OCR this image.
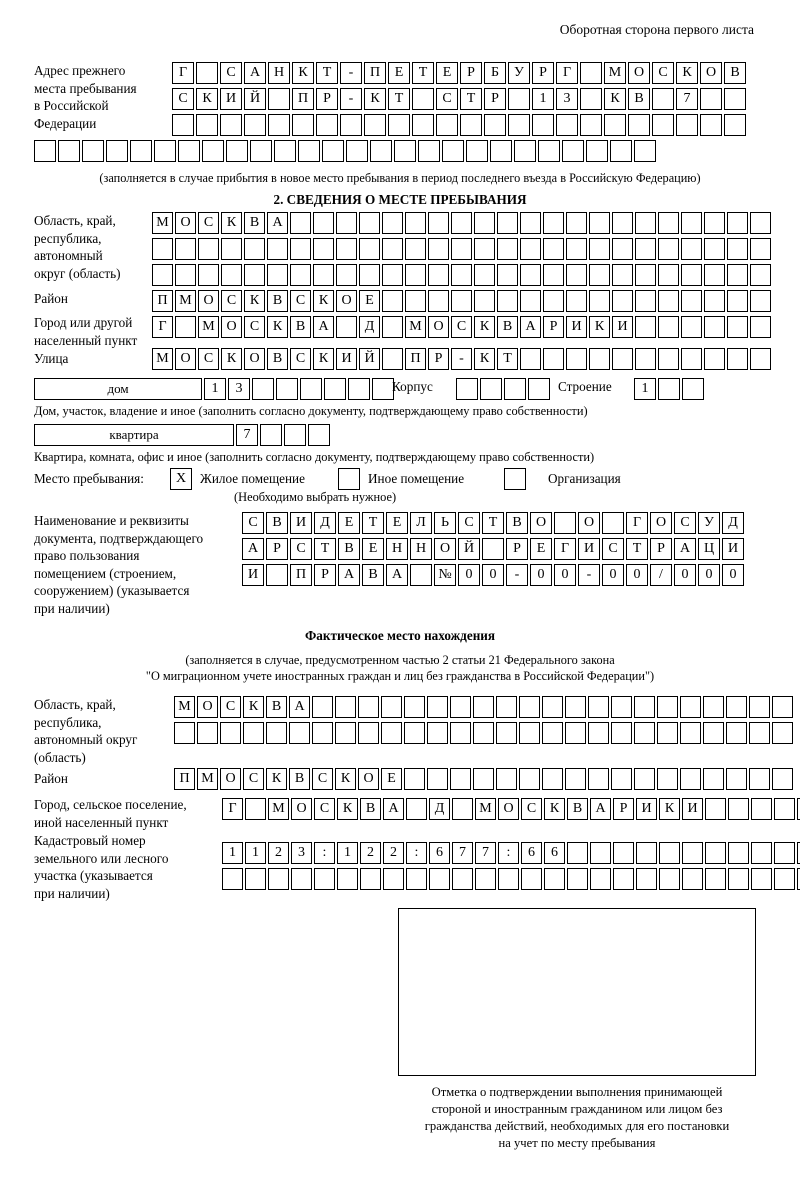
Оборотная сторона первого листа
Адрес прежнего
места пребывания
в Российской
Федерации
Г	С	А Н	К	Т	-	П	Е	Т	Е	Р	Б	У	Р	Г	М О	С	К	О	В
С	К	И Й	П	Р	-	К	Т	С	Т	Р	1	3	К	В	7
(заполняется в случае прибытия в новое место пребывания в период последнего въезда в Российскую Федерацию)
2. СВЕДЕНИЯ О МЕСТЕ ПРЕБЫВАНИЯ
Область, край,
республика,
автономный
округ (область)
М О С К В А
Район	П М О С К В С К О Е
Город или другой
населенный пункт
Г	М О С К В А	Д	М О С К В А	Р	И К И
Улица	М О С К О В С К И Й	П	Р	-	К	Т
дом	1	3	Корпус	Строение	1
Дом, участок, владение и иное (заполнить согласно документу, подтверждающему право собственности)
квартира	7
Квартира, комната, офис и иное (заполнить согласно документу, подтверждающему право собственности)
Место пребывания:	X	Жилое помещение	Иное помещение	Организация
(Необходимо выбрать нужное)
Наименование и реквизиты
документа, подтверждающего
право пользования
помещением (строением,
сооружением) (указывается
при наличии)
С	В	И	Д	Е	Т	Е	Л	Ь	С	Т	В	О	О	Г	О	С	У	Д
А	Р	С	Т	В	Е	Н Н О Й	Р	Е	Г	И	С	Т	Р	А Ц И
И	П	Р	А	В	А	№ 0	0	-	0	0	-	0	0	/	0	0	0
Фактическое место нахождения
(заполняется в случае, предусмотренном частью 2 статьи 21 Федерального закона
"О миграционном учете иностранных граждан и лиц без гражданства в Российской Федерации")
Область, край,
республика,
автономный округ
(область)
М О С К В А
Район	П М О С К В С К О Е
Город, сельское поселение,
иной населенный пункт
Г	М О С К В А	Д	М О С К В А	Р	И К И
Кадастровый номер
земельного или лесного
участка (указывается
при наличии)
1	1	2	3	:	1	2	2	:	6	7	7	:	6	6
Отметка о подтверждении выполнения принимающей
стороной и иностранным гражданином или лицом без
гражданства действий, необходимых для его постановки
на учет по месту пребывания
